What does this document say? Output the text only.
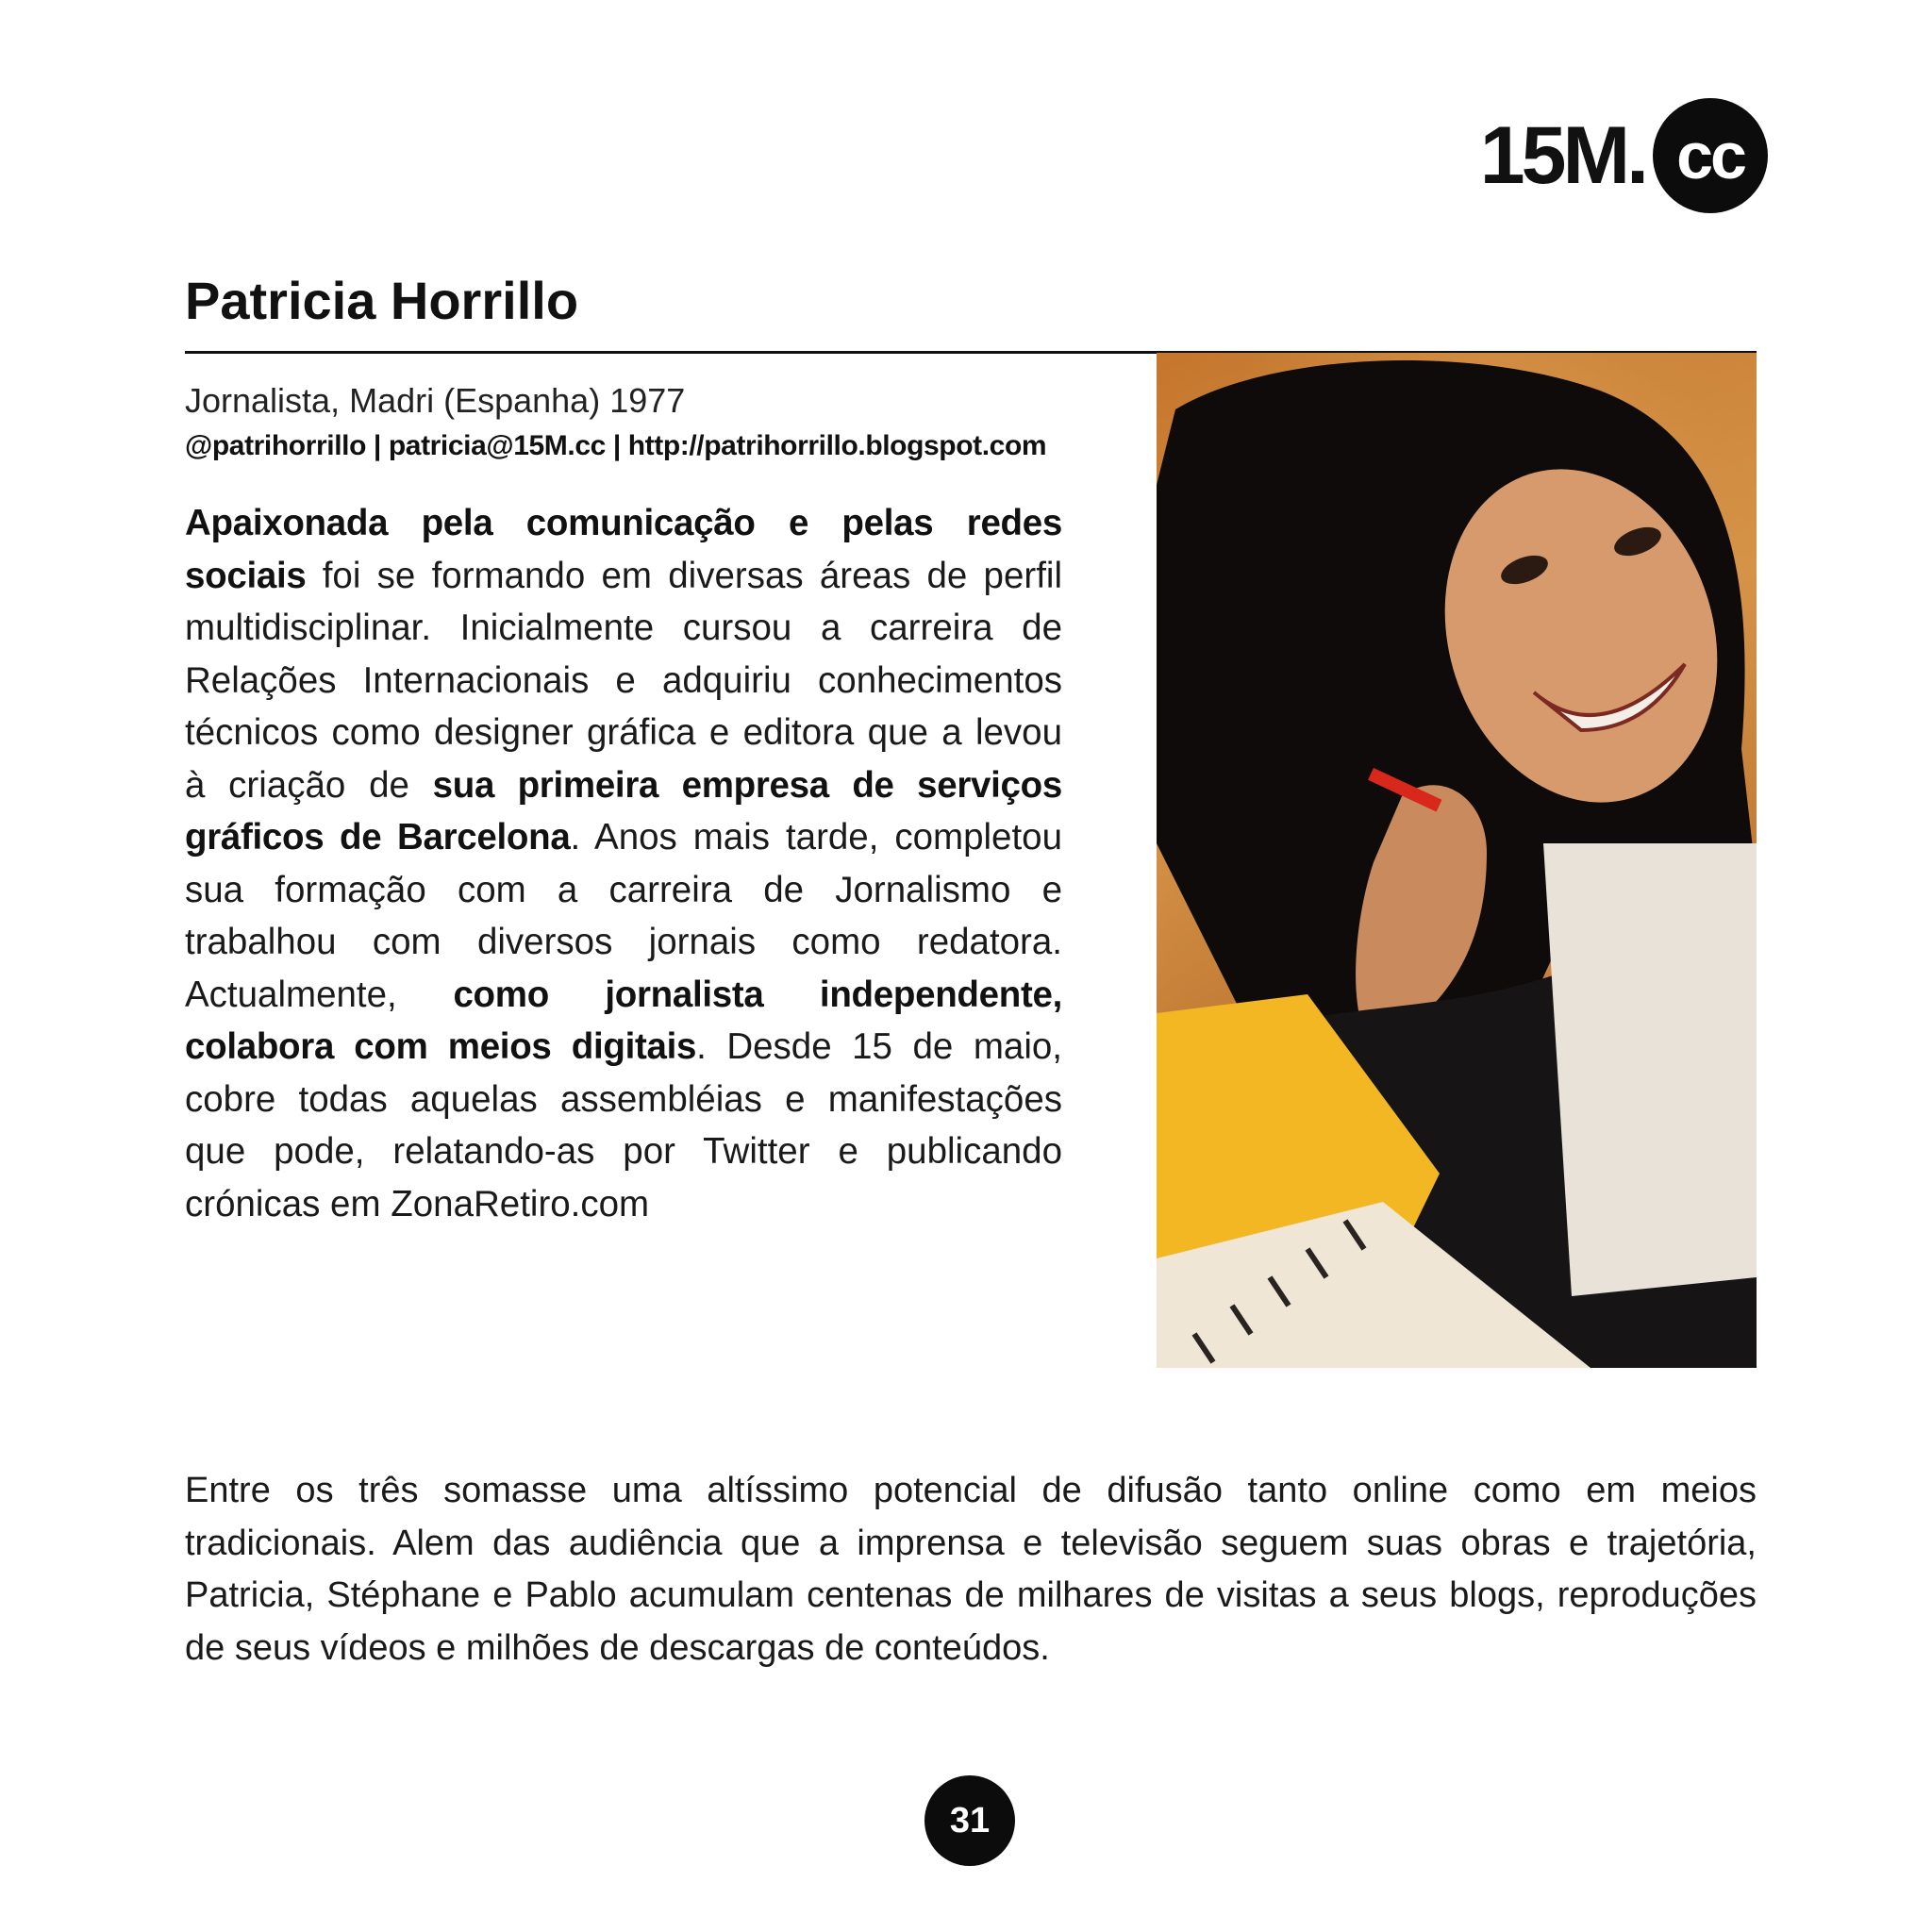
15M. cc
Patricia Horrillo

Jornalista, Madri (Espanha) 1977

@patrihorrillo | patricia@15M.cc | http://patrihorrillo.blogspot.com

Apaixonada pela comunicação e pelas redes sociais foi se formando em diversas áreas de perfil multidisciplinar. Inicialmente cursou a carreira de Relações Internacionais e adquiriu conhecimentos técnicos como designer gráfica e editora que a levou à criação de sua primeira empresa de serviços gráficos de Barcelona. Anos mais tarde, completou sua formação com a carreira de Jornalismo e trabalhou com diversos jornais como redatora. Actualmente, como jornalista independente, colabora com meios digitais. Desde 15 de maio, cobre todas aquelas assembléias e manifestações que pode, relatando-as por Twitter e publicando crónicas em ZonaRetiro.com

Entre os três somasse uma altíssimo potencial de difusão tanto online como em meios tradicionais. Alem das audiência que a imprensa e televisão seguem suas obras e trajetória, Patricia, Stéphane e Pablo acumulam centenas de milhares de visitas a seus blogs, reproduções de seus vídeos e milhões de descargas de conteúdos.

31
